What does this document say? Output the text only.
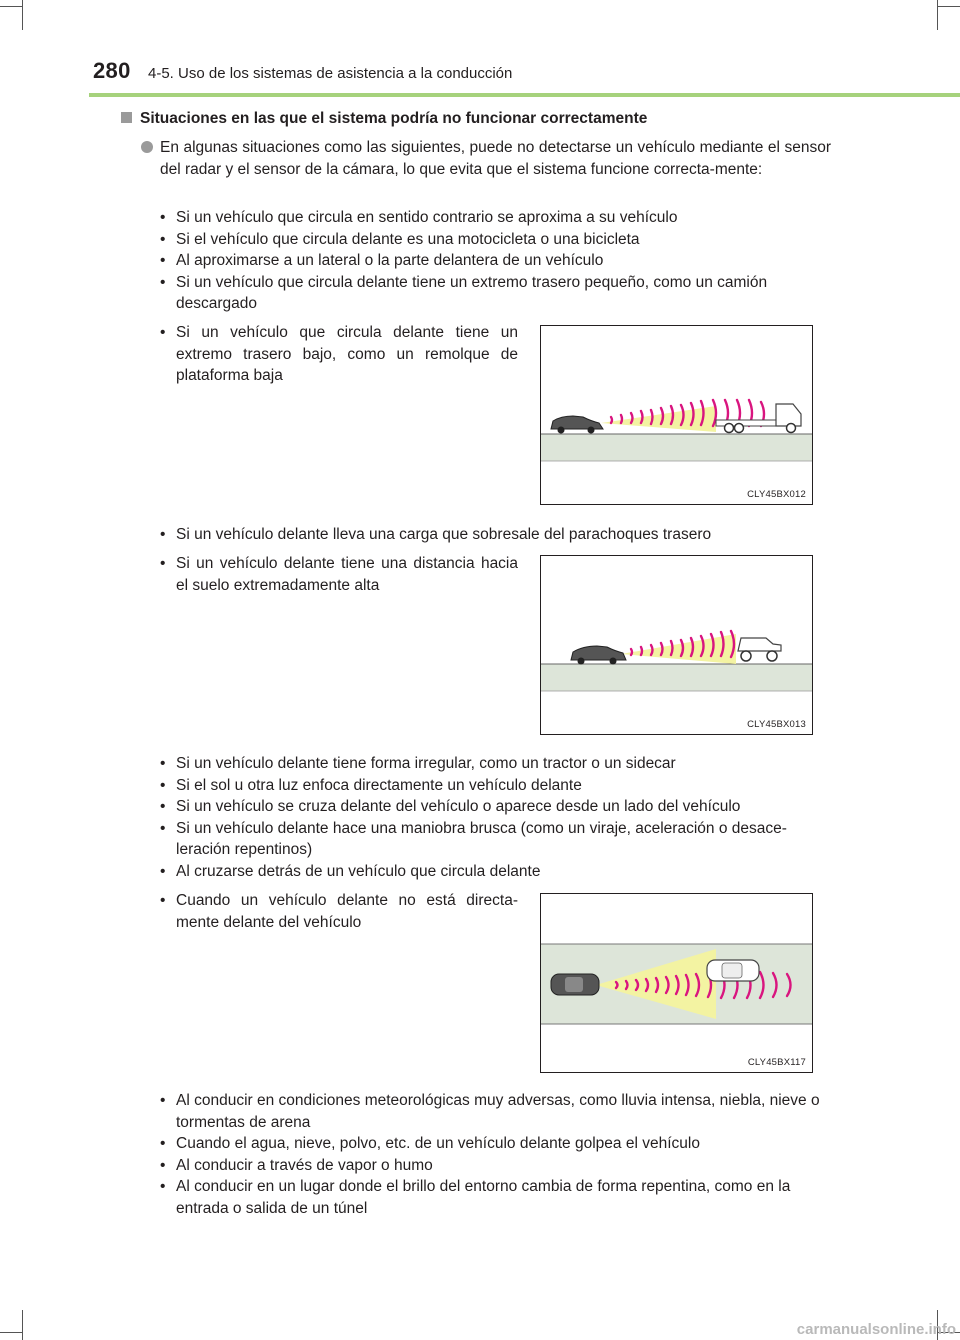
280 4-5. Uso de los sistemas de asistencia a la conducción
Situaciones en las que el sistema podría no funcionar correctamente
En algunas situaciones como las siguientes, puede no detectarse un vehículo mediante el sensor del radar y el sensor de la cámara, lo que evita que el sistema funcione correcta-mente:
• Si un vehículo que circula en sentido contrario se aproxima a su vehículo
• Si el vehículo que circula delante es una motocicleta o una bicicleta
• Al aproximarse a un lateral o la parte delantera de un vehículo
• Si un vehículo que circula delante tiene un extremo trasero pequeño, como un camión descargado
• Si un vehículo que circula delante tiene un extremo trasero bajo, como un remolque de plataforma baja
CLY45BX012
• Si un vehículo delante lleva una carga que sobresale del parachoques trasero
• Si un vehículo delante tiene una distancia hacia el suelo extremadamente alta
CLY45BX013
• Si un vehículo delante tiene forma irregular, como un tractor o un sidecar
• Si el sol u otra luz enfoca directamente un vehículo delante
• Si un vehículo se cruza delante del vehículo o aparece desde un lado del vehículo
• Si un vehículo delante hace una maniobra brusca (como un viraje, aceleración o desace-leración repentinos)
• Al cruzarse detrás de un vehículo que circula delante
• Cuando un vehículo delante no está directa-mente delante del vehículo
CLY45BX117
• Al conducir en condiciones meteorológicas muy adversas, como lluvia intensa, niebla, nieve o tormentas de arena
• Cuando el agua, nieve, polvo, etc. de un vehículo delante golpea el vehículo
• Al conducir a través de vapor o humo
• Al conducir en un lugar donde el brillo del entorno cambia de forma repentina, como en la entrada o salida de un túnel
carmanualsonline.info
